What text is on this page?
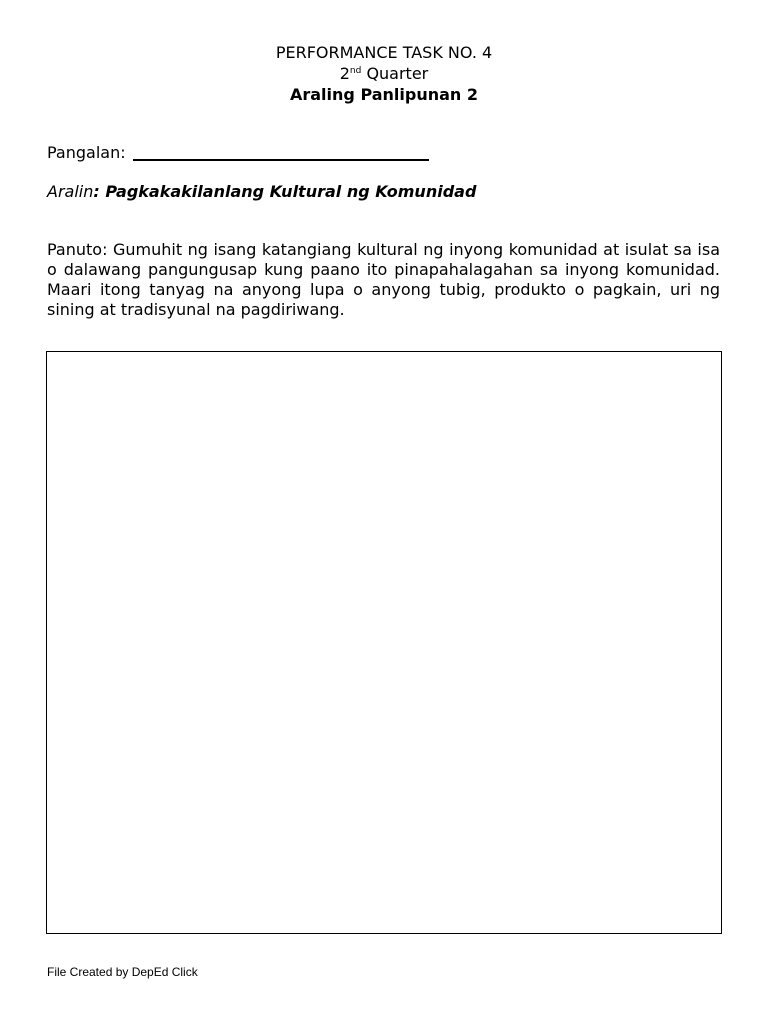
PERFORMANCE TASK NO. 4
2nd Quarter
Araling Panlipunan 2
Pangalan:
Aralin: Pagkakakilanlang Kultural ng Komunidad
Panuto: Gumuhit ng isang katangiang kultural ng inyong komunidad at isulat sa isa o dalawang pangungusap kung paano ito pinapahalagahan sa inyong komunidad. Maari itong tanyag na anyong lupa o anyong tubig, produkto o pagkain, uri ng sining at tradisyunal na pagdiriwang.
File Created by DepEd Click
